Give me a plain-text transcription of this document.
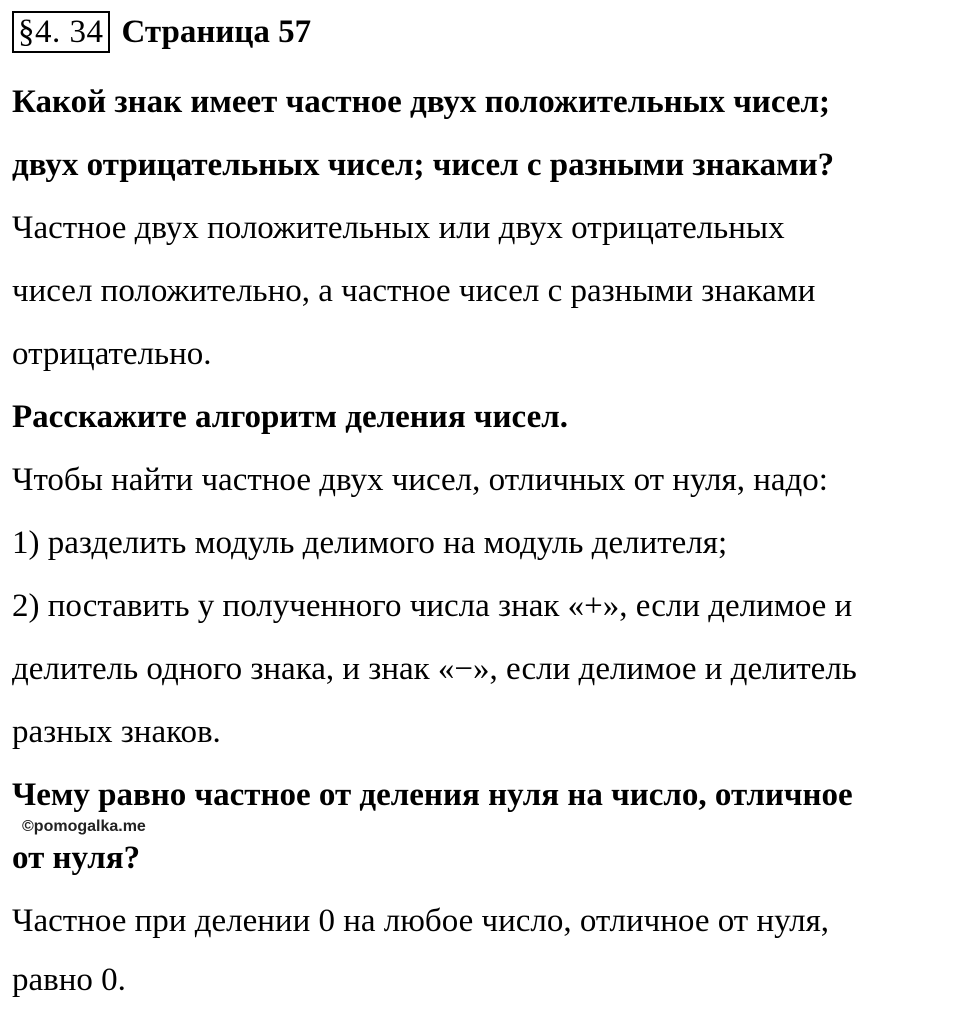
§4. 34 Страница 57
Какой знак имеет частное двух положительных чисел;
двух отрицательных чисел; чисел с разными знаками?
Частное двух положительных или двух отрицательных
чисел положительно, а частное чисел с разными знаками
отрицательно.
Расскажите алгоритм деления чисел.
Чтобы найти частное двух чисел, отличных от нуля, надо:
1) разделить модуль делимого на модуль делителя;
2) поставить у полученного числа знак «+», если делимое и
делитель одного знака, и знак «−», если делимое и делитель
разных знаков.
Чему равно частное от деления нуля на число, отличное
от нуля?
Частное при делении 0 на любое число, отличное от нуля,
равно 0.
©pomogalka.me
